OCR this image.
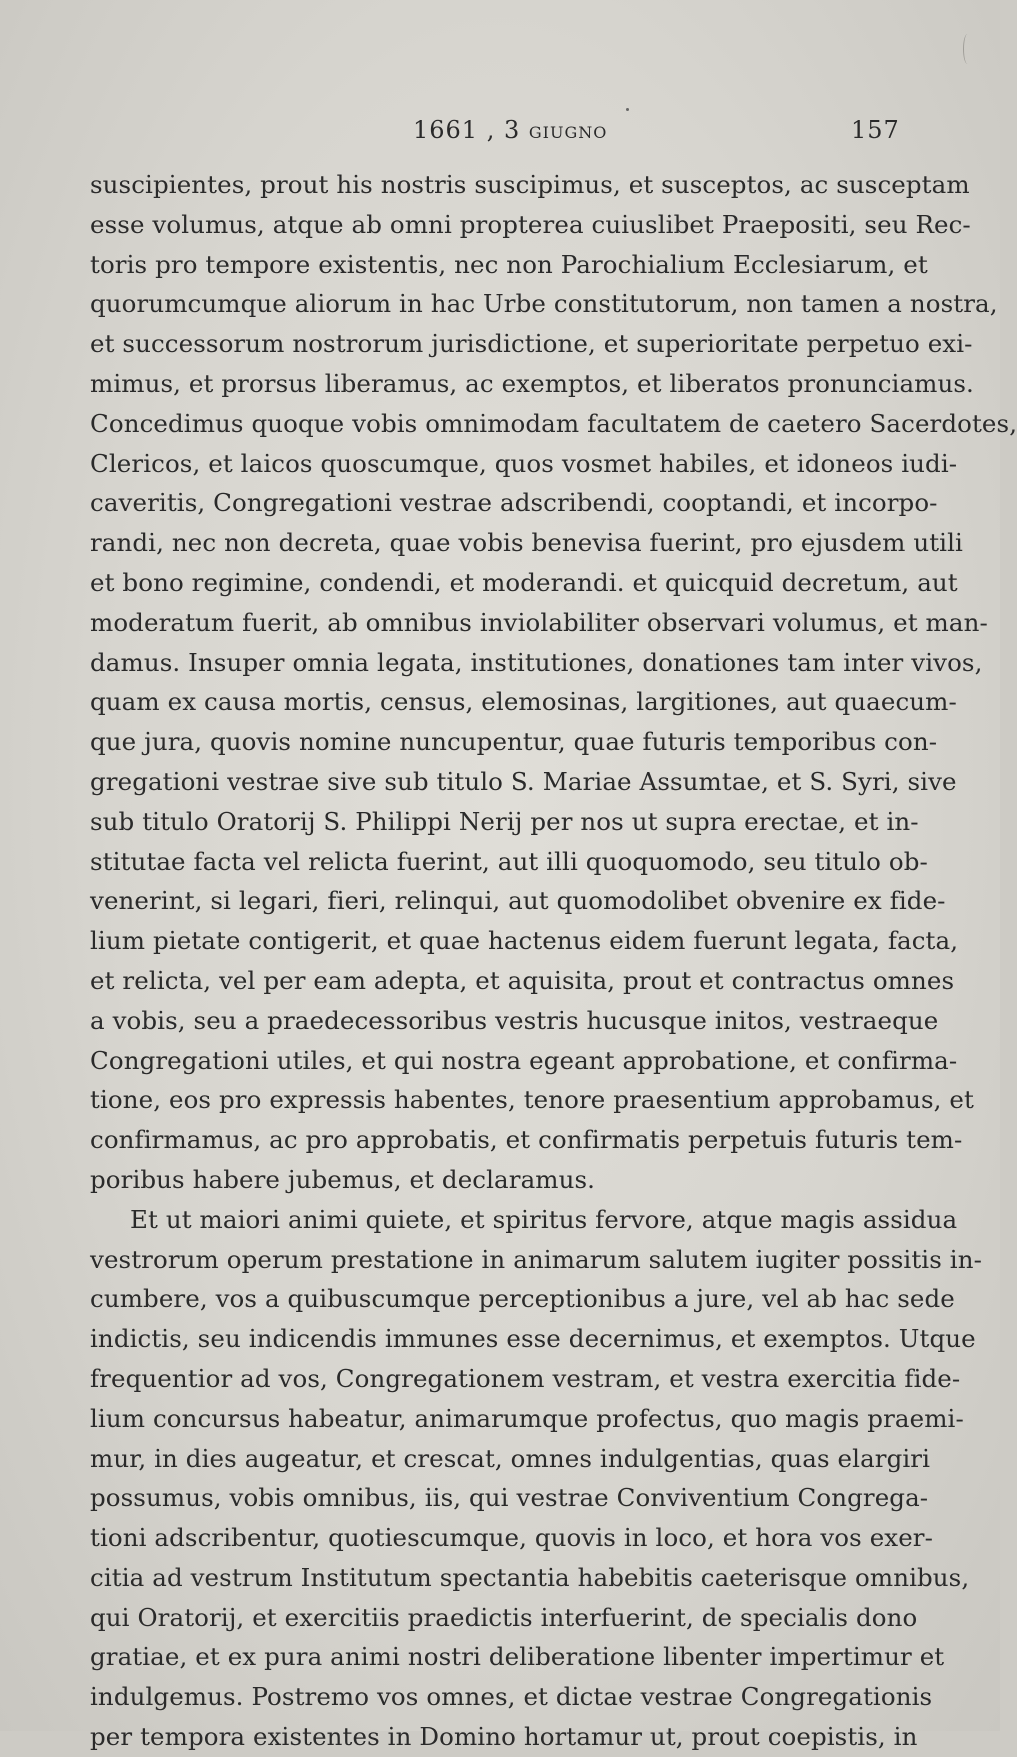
1661 , 3 GIUGNO	157
suscipientes, prout his nostris suscipimus, et susceptos, ac susceptam
esse volumus, atque ab omni propterea cuiuslibet Praepositi, seu Rec-
toris pro tempore existentis, nec non Parochialium Ecclesiarum, et
quorumcumque aliorum in hac Urbe constitutorum, non tamen a nostra,
et successorum nostrorum jurisdictione, et superioritate perpetuo exi-
mimus, et prorsus liberamus, ac exemptos, et liberatos pronunciamus.
Concedimus quoque vobis omnimodam facultatem de caetero Sacerdotes,
Clericos, et laicos quoscumque, quos vosmet habiles, et idoneos iudi-
caveritis, Congregationi vestrae adscribendi, cooptandi, et incorpo-
randi, nec non decreta, quae vobis benevisa fuerint, pro ejusdem utili
et bono regimine, condendi, et moderandi. et quicquid decretum, aut
moderatum fuerit, ab omnibus inviolabiliter observari volumus, et man-
damus. Insuper omnia legata, institutiones, donationes tam inter vivos,
quam ex causa mortis, census, elemosinas, largitiones, aut quaecum-
que jura, quovis nomine nuncupentur, quae futuris temporibus con-
gregationi vestrae sive sub titulo S. Mariae Assumtae, et S. Syri, sive
sub titulo Oratorij S. Philippi Nerij per nos ut supra erectae, et in-
stitutae facta vel relicta fuerint, aut illi quoquomodo, seu titulo ob-
venerint, si legari, fieri, relinqui, aut quomodolibet obvenire ex fide-
lium pietate contigerit, et quae hactenus eidem fuerunt legata, facta,
et relicta, vel per eam adepta, et aquisita, prout et contractus omnes
a vobis, seu a praedecessoribus vestris hucusque initos, vestraeque
Congregationi utiles, et qui nostra egeant approbatione, et confirma-
tione, eos pro expressis habentes, tenore praesentium approbamus, et
confirmamus, ac pro approbatis, et confirmatis perpetuis futuris tem-
poribus habere jubemus, et declaramus.
Et ut maiori animi quiete, et spiritus fervore, atque magis assidua
vestrorum operum prestatione in animarum salutem iugiter possitis in-
cumbere, vos a quibuscumque perceptionibus a jure, vel ab hac sede
indictis, seu indicendis immunes esse decernimus, et exemptos. Utque
frequentior ad vos, Congregationem vestram, et vestra exercitia fide-
lium concursus habeatur, animarumque profectus, quo magis praemi-
mur, in dies augeatur, et crescat, omnes indulgentias, quas elargiri
possumus, vobis omnibus, iis, qui vestrae Conviventium Congrega-
tioni adscribentur, quotiescumque, quovis in loco, et hora vos exer-
citia ad vestrum Institutum spectantia habebitis caeterisque omnibus,
qui Oratorij, et exercitiis praedictis interfuerint, de specialis dono
gratiae, et ex pura animi nostri deliberatione libenter impertimur et
indulgemus. Postremo vos omnes, et dictae vestrae Congregationis
per tempora existentes in Domino hortamur ut, prout coepistis, in
